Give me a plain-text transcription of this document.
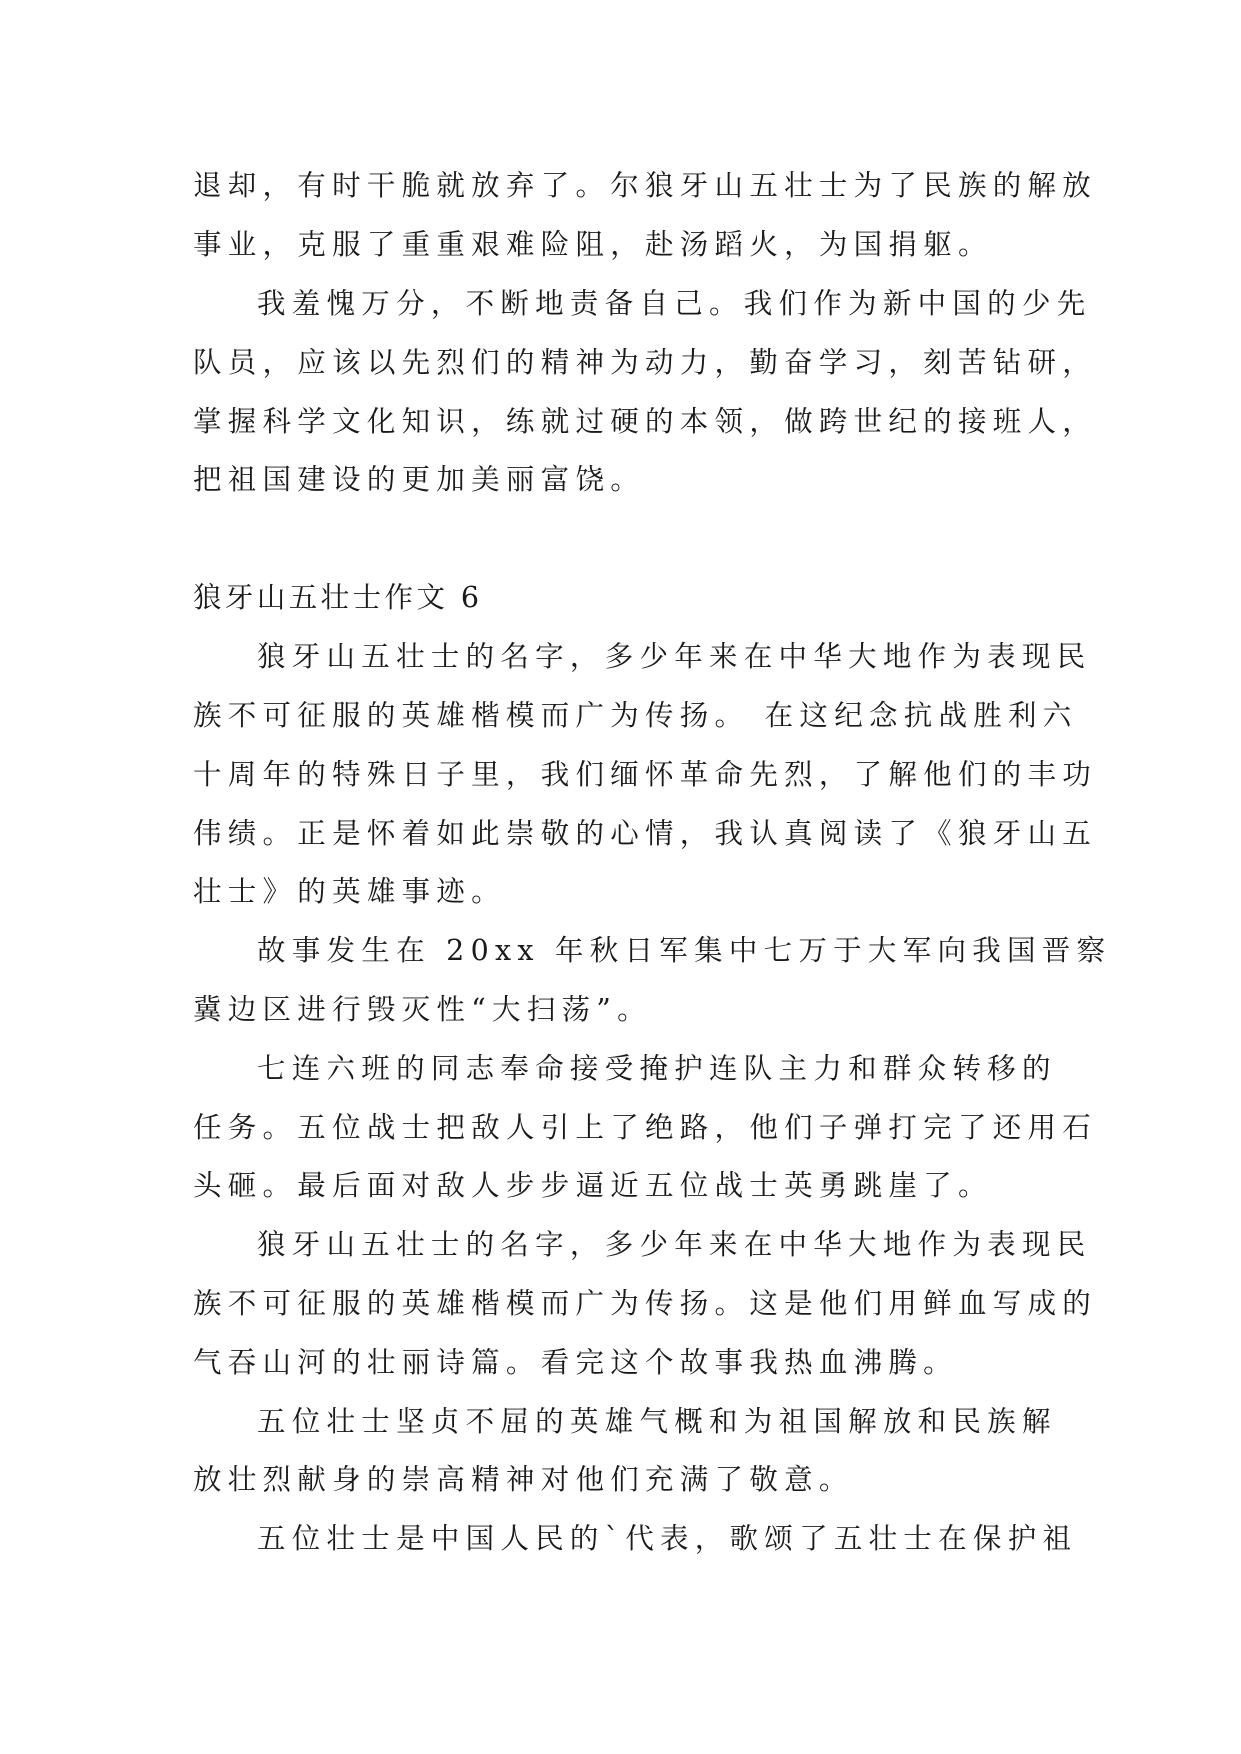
退却，有时干脆就放弃了。尔狼牙山五壮士为了民族的解放
事业，克服了重重艰难险阻，赴汤蹈火，为国捐躯。
我羞愧万分，不断地责备自己。我们作为新中国的少先
队员，应该以先烈们的精神为动力，勤奋学习，刻苦钻研，
掌握科学文化知识，练就过硬的本领，做跨世纪的接班人，
把祖国建设的更加美丽富饶。
狼牙山五壮士作文 6
狼牙山五壮士的名字，多少年来在中华大地作为表现民
族不可征服的英雄楷模而广为传扬。 在这纪念抗战胜利六
十周年的特殊日子里，我们缅怀革命先烈，了解他们的丰功
伟绩。正是怀着如此崇敬的心情，我认真阅读了《狼牙山五
壮士》的英雄事迹。
故事发生在 20xx 年秋日军集中七万于大军向我国晋察
冀边区进行毁灭性“大扫荡”。
七连六班的同志奉命接受掩护连队主力和群众转移的
任务。五位战士把敌人引上了绝路，他们子弹打完了还用石
头砸。最后面对敌人步步逼近五位战士英勇跳崖了。
狼牙山五壮士的名字，多少年来在中华大地作为表现民
族不可征服的英雄楷模而广为传扬。这是他们用鲜血写成的
气吞山河的壮丽诗篇。看完这个故事我热血沸腾。
五位壮士坚贞不屈的英雄气概和为祖国解放和民族解
放壮烈献身的崇高精神对他们充满了敬意。
五位壮士是中国人民的`代表，歌颂了五壮士在保护祖
